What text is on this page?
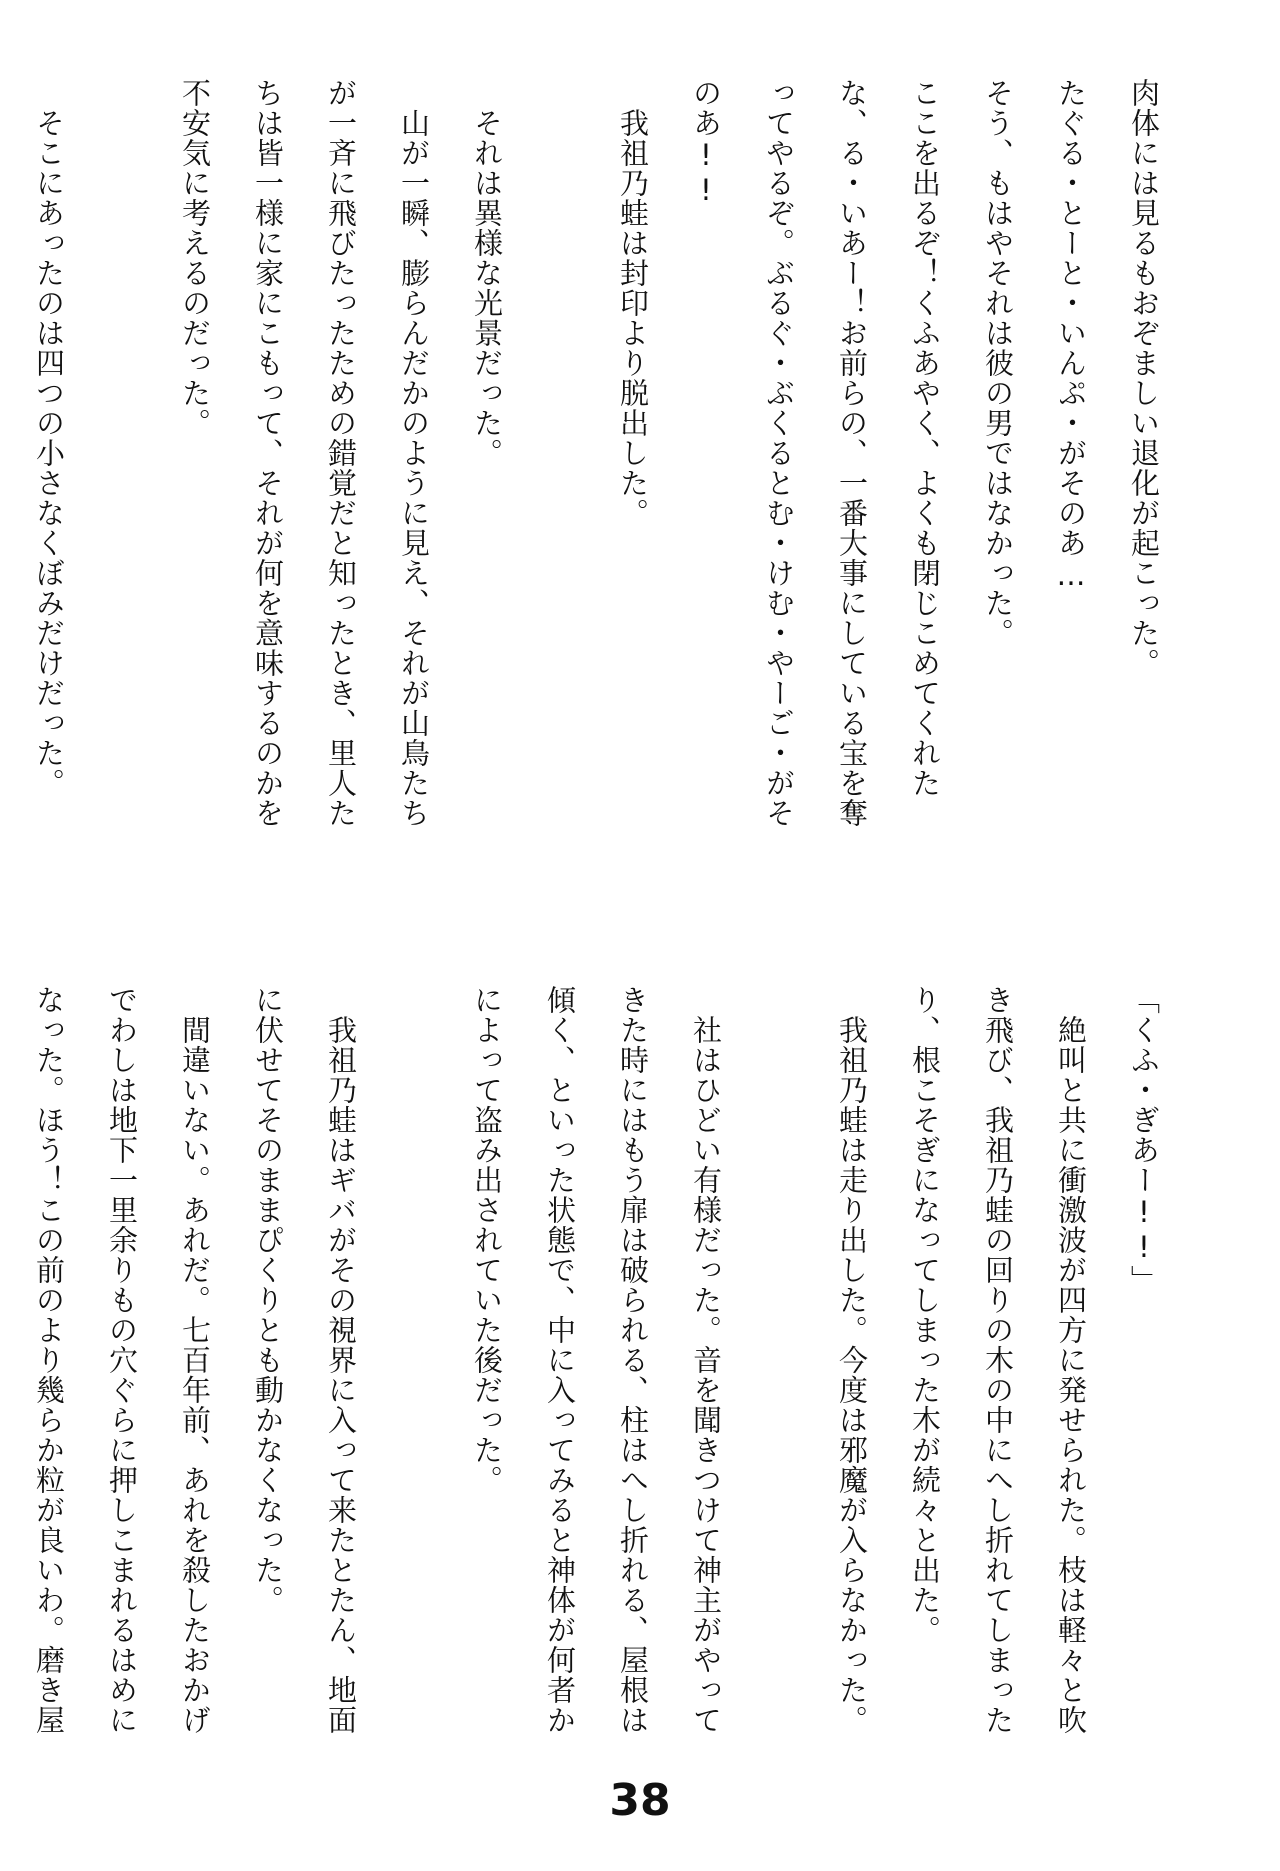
肉体には見るもおぞましい退化が起こった。
たぐる・とーと・いんぷ・がそのあ…
そう、もはやそれは彼の男ではなかった。
ここを出るぞ！くふあやく、よくも閉じこめてくれた
な、る・いあー！お前らの、一番大事にしている宝を奪
ってやるぞ。ぶるぐ・ぶくるとむ・けむ・やーご・がそ
のあ!!
　我祖乃蛙は封印より脱出した。

　それは異様な光景だった。
　山が一瞬、膨らんだかのように見え、それが山鳥たち
が一斉に飛びたったための錯覚だと知ったとき、里人た
ちは皆一様に家にこもって、それが何を意味するのかを
不安気に考えるのだった。

　そこにあったのは四つの小さなくぼみだけだった。

「くふ・ぎあー!!」
　絶叫と共に衝激波が四方に発せられた。枝は軽々と吹
き飛び、我祖乃蛙の回りの木の中にへし折れてしまった
り、根こそぎになってしまった木が続々と出た。
　我祖乃蛙は走り出した。今度は邪魔が入らなかった。

　社はひどい有様だった。音を聞きつけて神主がやって
きた時にはもう扉は破られる、柱はへし折れる、屋根は
傾く、といった状態で、中に入ってみると神体が何者か
によって盗み出されていた後だった。

　我祖乃蛙はギバがその視界に入って来たとたん、地面
に伏せてそのままぴくりとも動かなくなった。
　間違いない。あれだ。七百年前、あれを殺したおかげ
でわしは地下一里余りもの穴ぐらに押しこまれるはめに
なった。ほう！この前のより幾らか粒が良いわ。磨き屋

38
